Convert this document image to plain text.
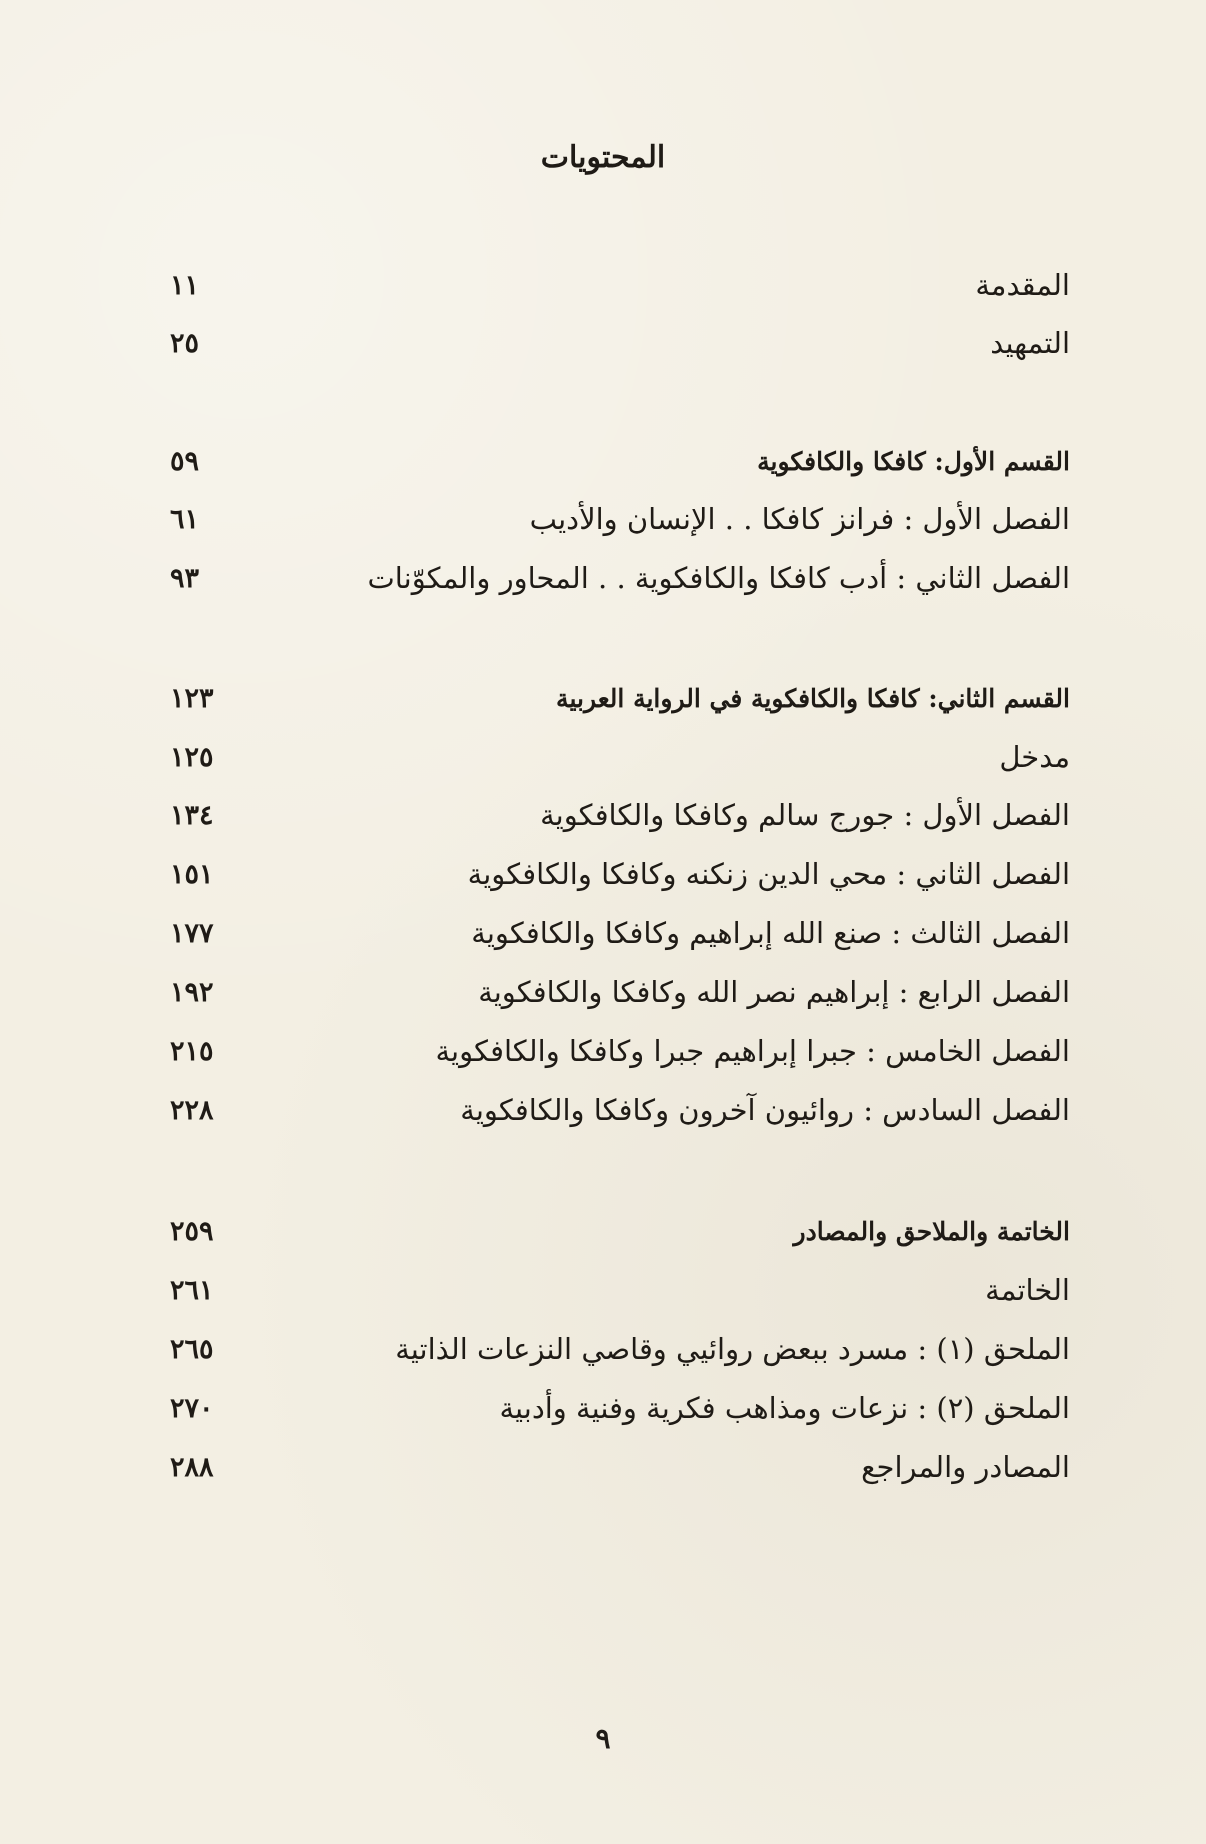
المحتويات
المقدمة
١١
التمهيد
٢٥
القسم الأول: كافكا والكافكوية
٥٩
الفصل الأول : فرانز كافكا . . الإنسان والأديب
٦١
الفصل الثاني : أدب كافكا والكافكوية . . المحاور والمكوّنات
٩٣
القسم الثاني: كافكا والكافكوية في الرواية العربية
١٢٣
مدخل
١٢٥
الفصل الأول : جورج سالم وكافكا والكافكوية
١٣٤
الفصل الثاني : محي الدين زنكنه وكافكا والكافكوية
١٥١
الفصل الثالث : صنع الله إبراهيم وكافكا والكافكوية
١٧٧
الفصل الرابع : إبراهيم نصر الله وكافكا والكافكوية
١٩٢
الفصل الخامس : جبرا إبراهيم جبرا وكافكا والكافكوية
٢١٥
الفصل السادس : روائيون آخرون وكافكا والكافكوية
٢٢٨
الخاتمة والملاحق والمصادر
٢٥٩
الخاتمة
٢٦١
الملحق (١) : مسرد ببعض روائيي وقاصي النزعات الذاتية
٢٦٥
الملحق (٢) : نزعات ومذاهب فكرية وفنية وأدبية
٢٧٠
المصادر والمراجع
٢٨٨
٩
